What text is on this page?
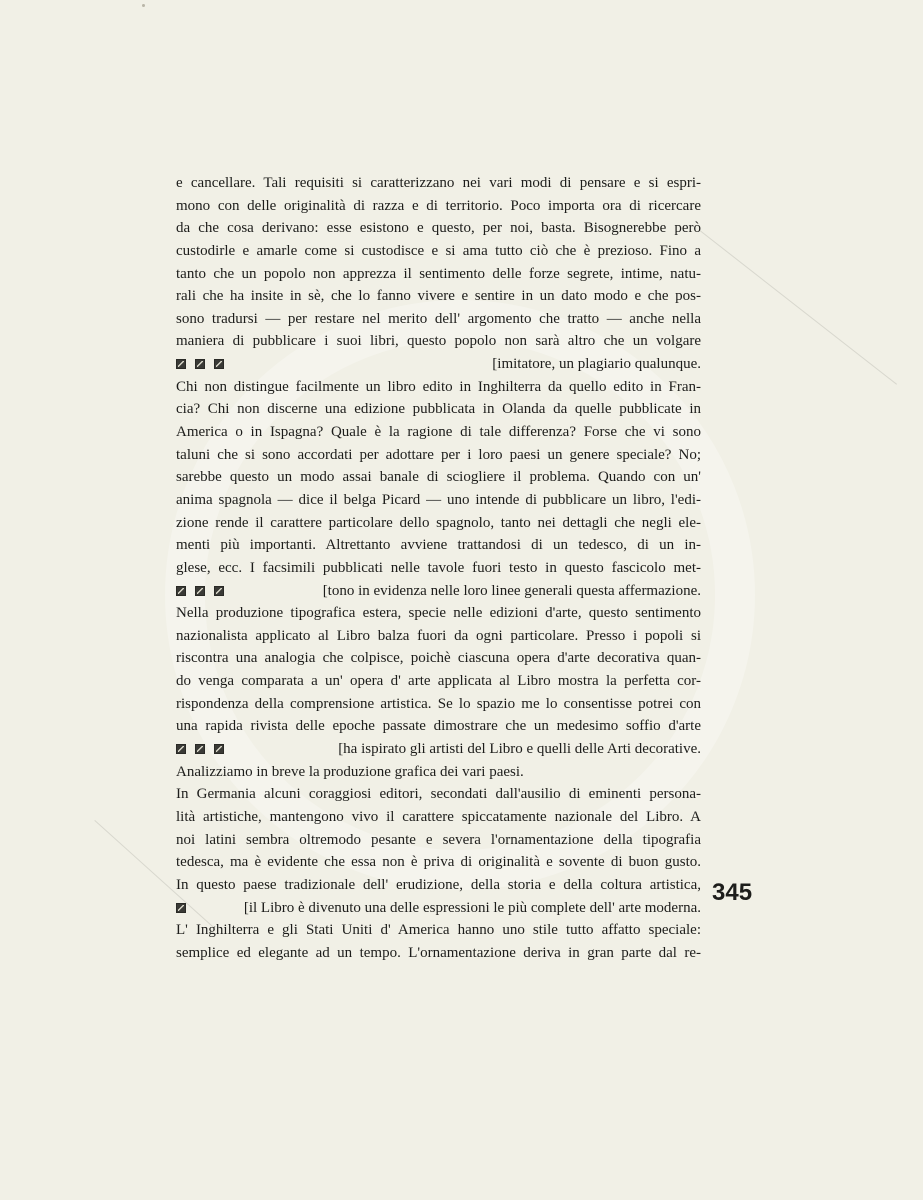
e cancellare. Tali requisiti si caratterizzano nei vari modi di pensare e si espri-
mono con delle originalità di razza e di territorio. Poco importa ora di ricercare
da che cosa derivano: esse esistono e questo, per noi, basta. Bisognerebbe però
custodirle e amarle come si custodisce e si ama tutto ciò che è prezioso. Fino a
tanto che un popolo non apprezza il sentimento delle forze segrete, intime, natu-
rali che ha insite in sè, che lo fanno vivere e sentire in un dato modo e che pos-
sono tradursi — per restare nel merito dell' argomento che tratto — anche nella
maniera di pubblicare i suoi libri, questo popolo non sarà altro che un volgare
[imitatore, un plagiario qualunque.
Chi non distingue facilmente un libro edito in Inghilterra da quello edito in Fran-
cia? Chi non discerne una edizione pubblicata in Olanda da quelle pubblicate in
America o in Ispagna? Quale è la ragione di tale differenza? Forse che vi sono
taluni che si sono accordati per adottare per i loro paesi un genere speciale? No;
sarebbe questo un modo assai banale di sciogliere il problema. Quando con un'
anima spagnola — dice il belga Picard — uno intende di pubblicare un libro, l'edi-
zione rende il carattere particolare dello spagnolo, tanto nei dettagli che negli ele-
menti più importanti. Altrettanto avviene trattandosi di un tedesco, di un in-
glese, ecc. I facsimili pubblicati nelle tavole fuori testo in questo fascicolo met-
[tono in evidenza nelle loro linee generali questa affermazione.
Nella produzione tipografica estera, specie nelle edizioni d'arte, questo sentimento
nazionalista applicato al Libro balza fuori da ogni particolare. Presso i popoli si
riscontra una analogia che colpisce, poichè ciascuna opera d'arte decorativa quan-
do venga comparata a un' opera d' arte applicata al Libro mostra la perfetta cor-
rispondenza della comprensione artistica. Se lo spazio me lo consentisse potrei con
una rapida rivista delle epoche passate dimostrare che un medesimo soffio d'arte
[ha ispirato gli artisti del Libro e quelli delle Arti decorative.
Analizziamo in breve la produzione grafica dei vari paesi.
In Germania alcuni coraggiosi editori, secondati dall'ausilio di eminenti persona-
lità artistiche, mantengono vivo il carattere spiccatamente nazionale del Libro. A
noi latini sembra oltremodo pesante e severa l'ornamentazione della tipografia
tedesca, ma è evidente che essa non è priva di originalità e sovente di buon gusto.
In questo paese tradizionale dell' erudizione, della storia e della coltura artistica,
[il Libro è divenuto una delle espressioni le più complete dell' arte moderna.
L' Inghilterra e gli Stati Uniti d' America hanno uno stile tutto affatto speciale:
semplice ed elegante ad un tempo. L'ornamentazione deriva in gran parte dal re-
345
